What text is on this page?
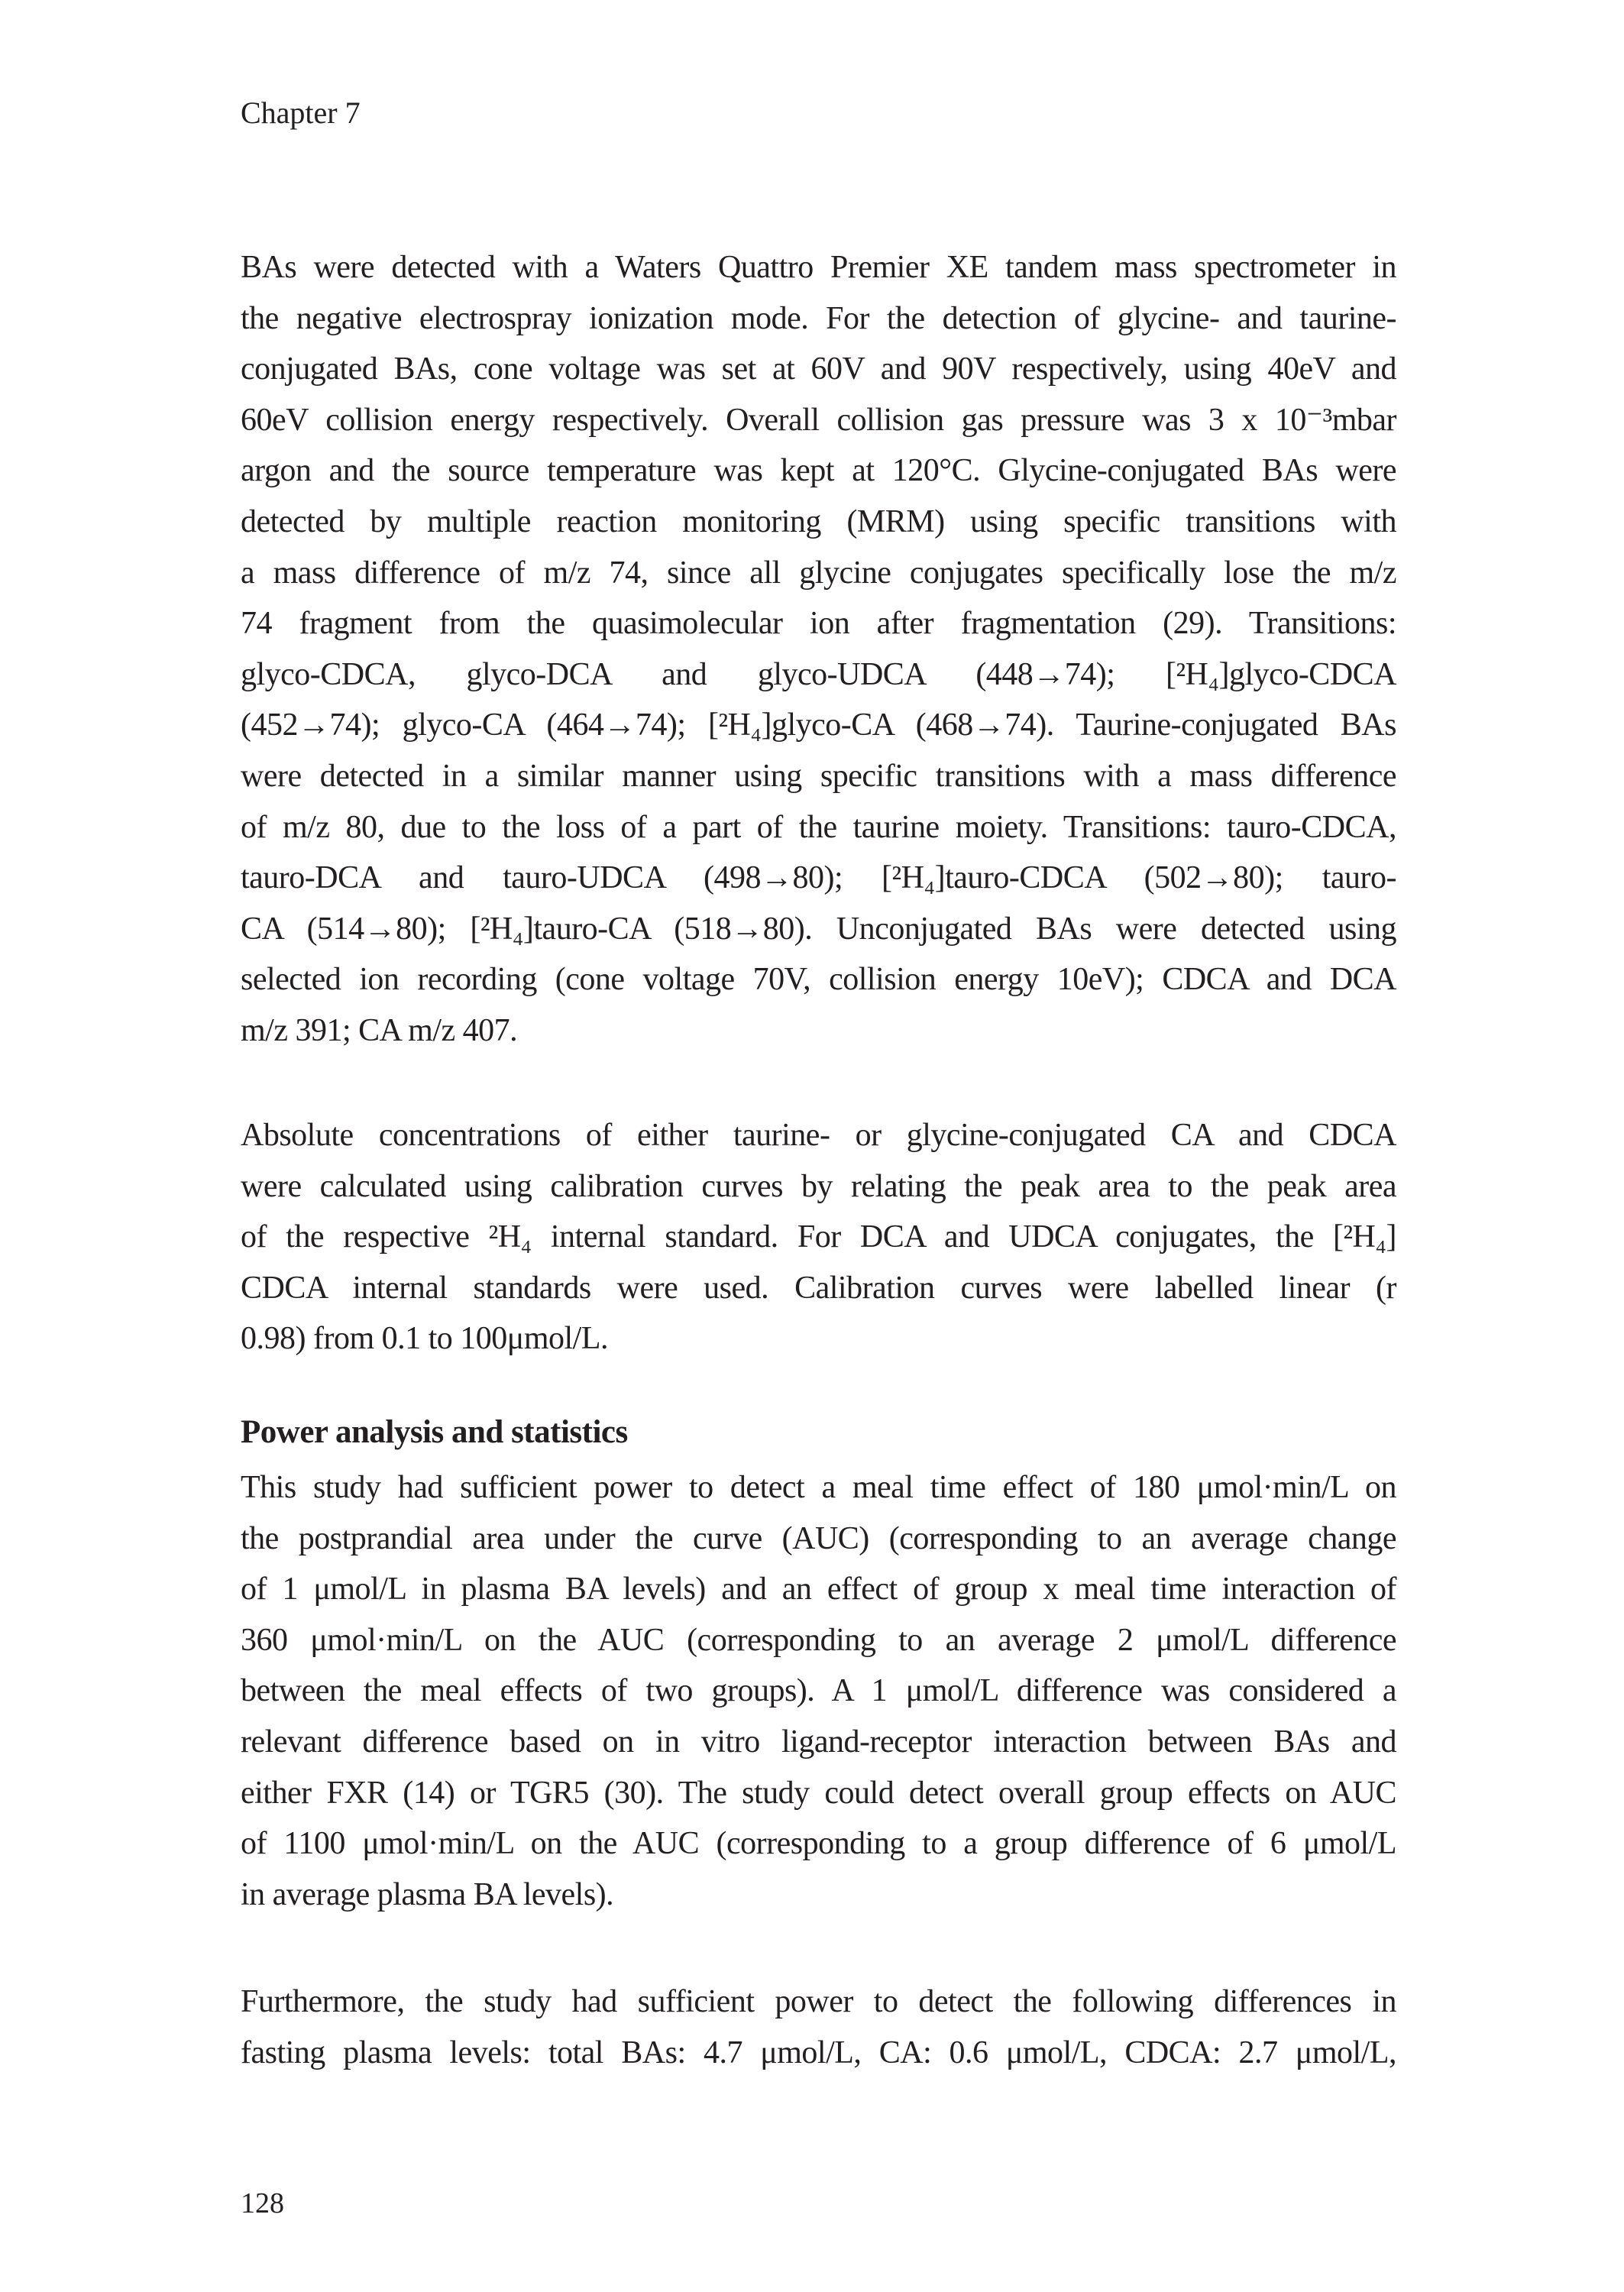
Chapter 7
BAs were detected with a Waters Quattro Premier XE tandem mass spectrometer in
the negative electrospray ionization mode. For the detection of glycine- and taurine-
conjugated BAs, cone voltage was set at 60V and 90V respectively, using 40eV and
60eV collision energy respectively. Overall collision gas pressure was 3 x 10⁻³mbar
argon and the source temperature was kept at 120°C. Glycine-conjugated BAs were
detected by multiple reaction monitoring (MRM) using specific transitions with
a mass difference of m/z 74, since all glycine conjugates specifically lose the m/z
74 fragment from the quasimolecular ion after fragmentation (29). Transitions:
glyco-CDCA, glyco-DCA and glyco-UDCA (448→74); [²H₄]glyco-CDCA
(452→74); glyco-CA (464→74); [²H₄]glyco-CA (468→74). Taurine-conjugated BAs
were detected in a similar manner using specific transitions with a mass difference
of m/z 80, due to the loss of a part of the taurine moiety. Transitions: tauro-CDCA,
tauro-DCA and tauro-UDCA (498→80); [²H₄]tauro-CDCA (502→80); tauro-
CA (514→80); [²H₄]tauro-CA (518→80). Unconjugated BAs were detected using
selected ion recording (cone voltage 70V, collision energy 10eV); CDCA and DCA
m/z 391; CA m/z 407.
Absolute concentrations of either taurine- or glycine-conjugated CA and CDCA
were calculated using calibration curves by relating the peak area to the peak area
of the respective ²H₄ internal standard. For DCA and UDCA conjugates, the [²H₄]
CDCA internal standards were used. Calibration curves were labelled linear (r
0.98) from 0.1 to 100μmol/L.
Power analysis and statistics
This study had sufficient power to detect a meal time effect of 180 μmol·min/L on
the postprandial area under the curve (AUC) (corresponding to an average change
of 1 μmol/L in plasma BA levels) and an effect of group x meal time interaction of
360 μmol·min/L on the AUC (corresponding to an average 2 μmol/L difference
between the meal effects of two groups). A 1 μmol/L difference was considered a
relevant difference based on in vitro ligand-receptor interaction between BAs and
either FXR (14) or TGR5 (30). The study could detect overall group effects on AUC
of 1100 μmol·min/L on the AUC (corresponding to a group difference of 6 μmol/L
in average plasma BA levels).
Furthermore, the study had sufficient power to detect the following differences in
fasting plasma levels: total BAs: 4.7 μmol/L, CA: 0.6 μmol/L, CDCA: 2.7 μmol/L,
128
